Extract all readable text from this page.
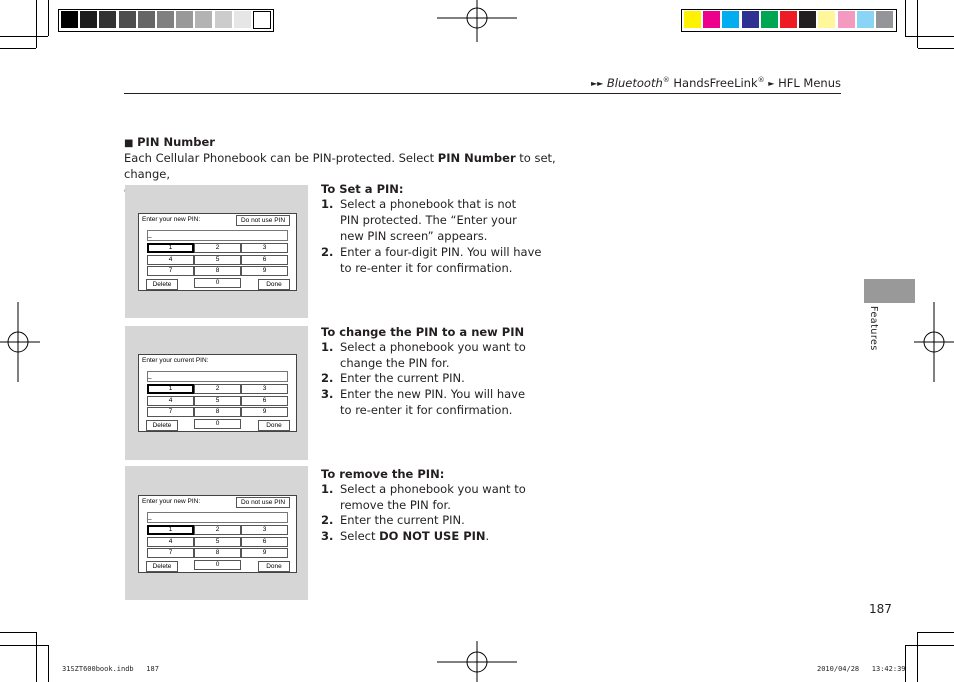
►► Bluetooth® HandsFreeLink® ► HFL Menus
■ PIN Number
Each Cellular Phonebook can be PIN-protected. Select PIN Number to set, change,

Enter your new PIN:	Do not use PIN
_
1	2	3
4	5	6
7	8	9
0
Delete	Done
Enter your current PIN:
_
1	2	3
4	5	6
7	8	9
0
Delete	Done
Enter your new PIN:	Do not use PIN
_
1	2	3
4	5	6
7	8	9
0
Delete	Done
To Set a PIN:
1. Select a phonebook that is not PIN protected. The “Enter your new PIN screen” appears.
2. Enter a four-digit PIN. You will have to re-enter it for confirmation.
To change the PIN to a new PIN
1. Select a phonebook you want to change the PIN for.
2. Enter the current PIN.
3. Enter the new PIN. You will have to re-enter it for confirmation.
To remove the PIN:
1. Select a phonebook you want to remove the PIN for.
2. Enter the current PIN.
3. Select DO NOT USE PIN.
Features
187
31SZT600book.indb   187	2010/04/28   13:42:39
